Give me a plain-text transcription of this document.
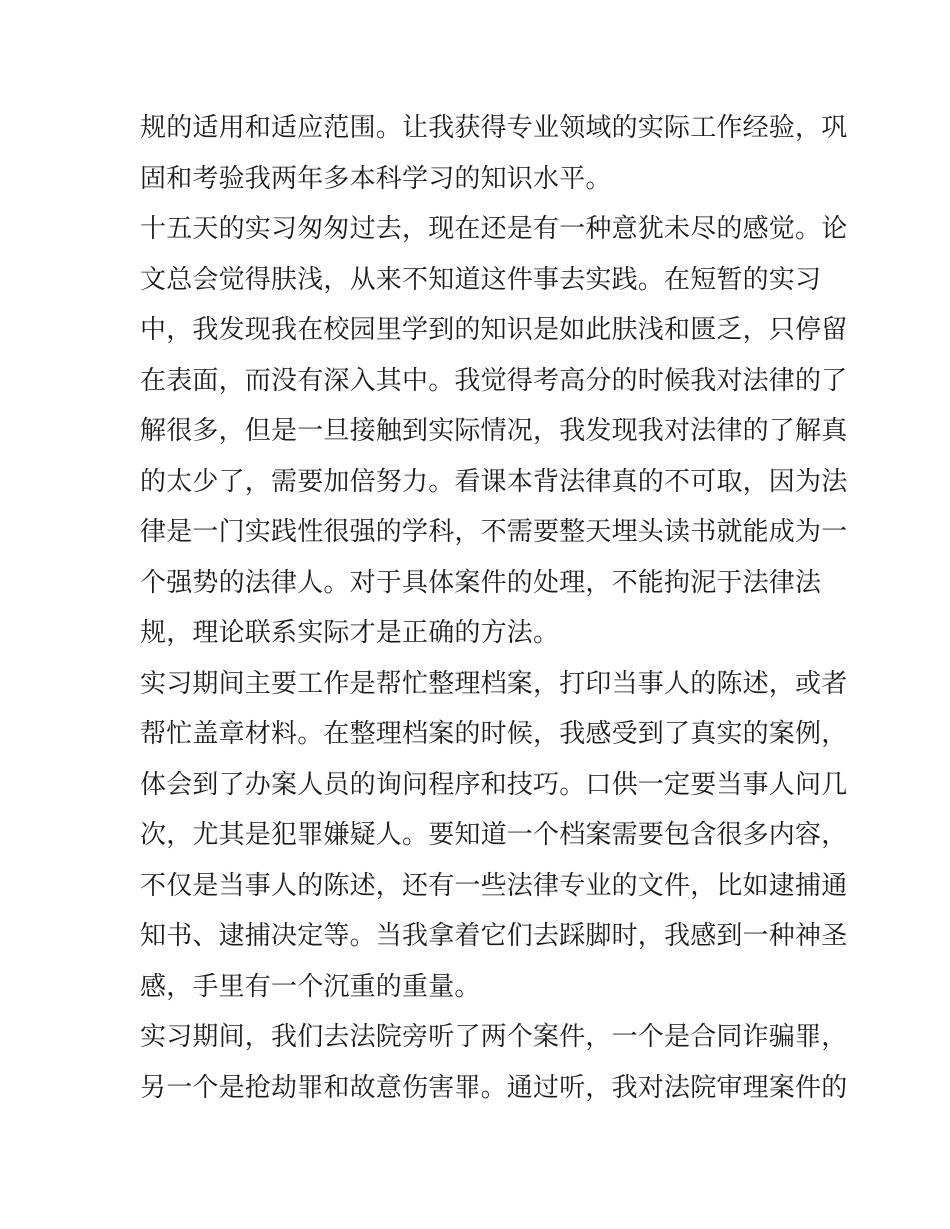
规的适用和适应范围。让我获得专业领域的实际工作经验，巩
固和考验我两年多本科学习的知识水平。
十五天的实习匆匆过去，现在还是有一种意犹未尽的感觉。论
文总会觉得肤浅，从来不知道这件事去实践。在短暂的实习
中，我发现我在校园里学到的知识是如此肤浅和匮乏，只停留
在表面，而没有深入其中。我觉得考高分的时候我对法律的了
解很多，但是一旦接触到实际情况，我发现我对法律的了解真
的太少了，需要加倍努力。看课本背法律真的不可取，因为法
律是一门实践性很强的学科，不需要整天埋头读书就能成为一
个强势的法律人。对于具体案件的处理，不能拘泥于法律法
规，理论联系实际才是正确的方法。
实习期间主要工作是帮忙整理档案，打印当事人的陈述，或者
帮忙盖章材料。在整理档案的时候，我感受到了真实的案例，
体会到了办案人员的询问程序和技巧。口供一定要当事人问几
次，尤其是犯罪嫌疑人。要知道一个档案需要包含很多内容，
不仅是当事人的陈述，还有一些法律专业的文件，比如逮捕通
知书、逮捕决定等。当我拿着它们去踩脚时，我感到一种神圣
感，手里有一个沉重的重量。
实习期间，我们去法院旁听了两个案件，一个是合同诈骗罪，
另一个是抢劫罪和故意伤害罪。通过听，我对法院审理案件的
